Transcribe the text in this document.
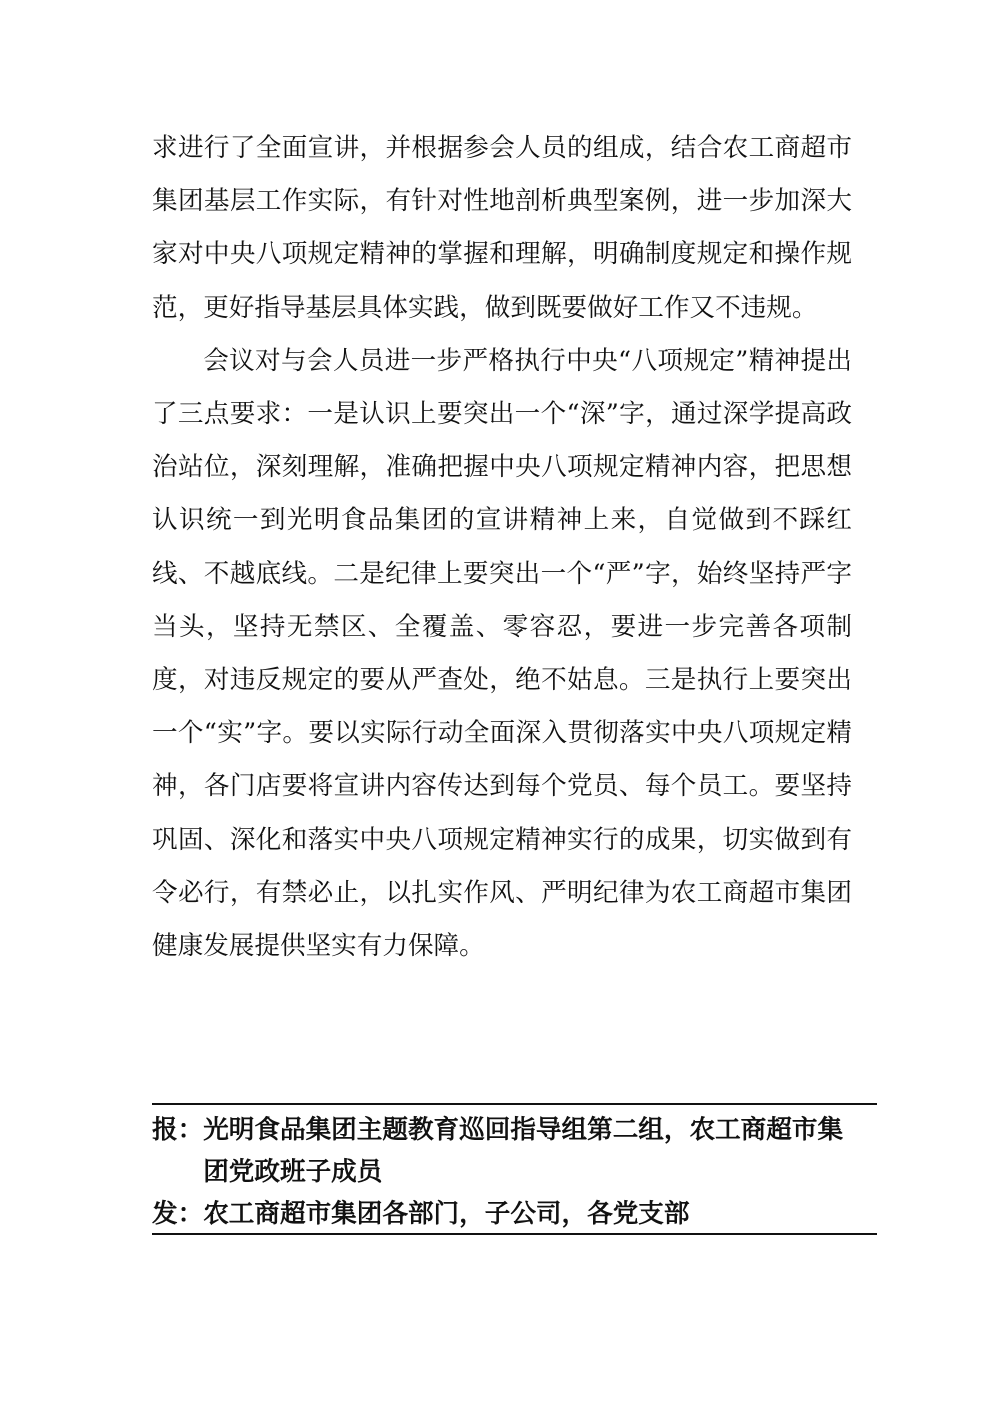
求进行了全面宣讲，并根据参会人员的组成，结合农工商超市集团基层工作实际，有针对性地剖析典型案例，进一步加深大家对中央八项规定精神的掌握和理解，明确制度规定和操作规范，更好指导基层具体实践，做到既要做好工作又不违规。

会议对与会人员进一步严格执行中央“八项规定”精神提出了三点要求：一是认识上要突出一个“深”字，通过深学提高政治站位，深刻理解，准确把握中央八项规定精神内容，把思想认识统一到光明食品集团的宣讲精神上来，自觉做到不踩红线、不越底线。二是纪律上要突出一个“严”字，始终坚持严字当头，坚持无禁区、全覆盖、零容忍，要进一步完善各项制度，对违反规定的要从严查处，绝不姑息。三是执行上要突出一个“实”字。要以实际行动全面深入贯彻落实中央八项规定精神，各门店要将宣讲内容传达到每个党员、每个员工。要坚持巩固、深化和落实中央八项规定精神实行的成果，切实做到有令必行，有禁必止，以扎实作风、严明纪律为农工商超市集团健康发展提供坚实有力保障。

报： 光明食品集团主题教育巡回指导组第二组，农工商超市集团党政班子成员
发： 农工商超市集团各部门，子公司，各党支部
